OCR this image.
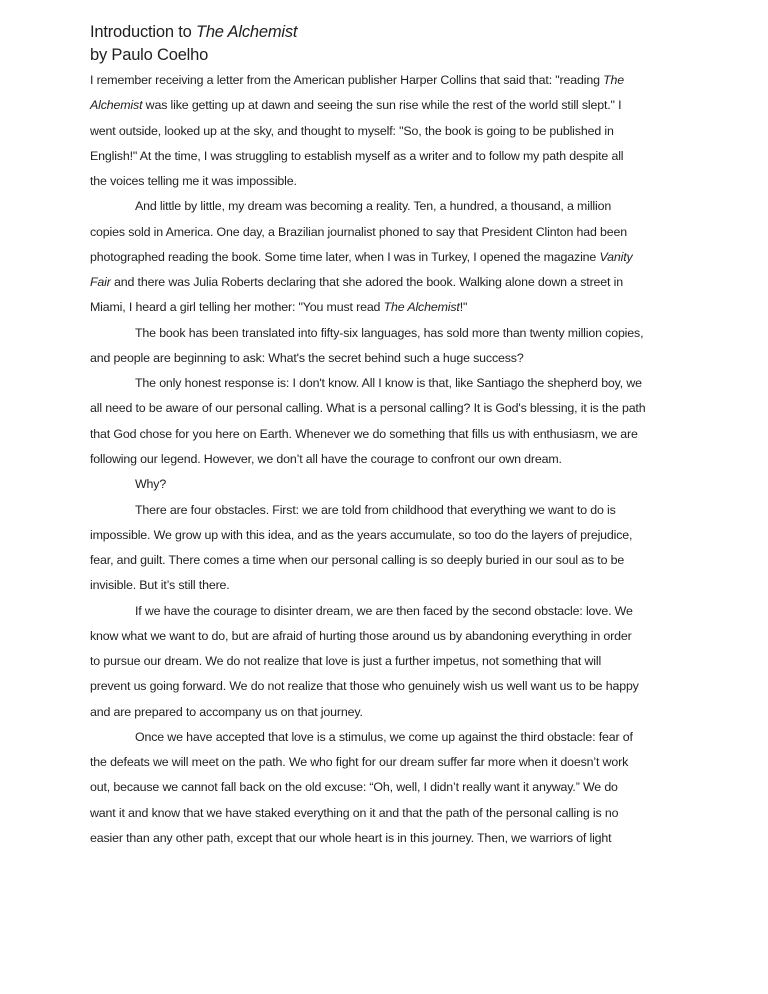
Introduction to The Alchemist
by Paulo Coelho
I remember receiving a letter from the American publisher Harper Collins that said that: "reading The
Alchemist was like getting up at dawn and seeing the sun rise while the rest of the world still slept." I
went outside, looked up at the sky, and thought to myself: "So, the book is going to be published in
English!" At the time, I was struggling to establish myself as a writer and to follow my path despite all
the voices telling me it was impossible.
And little by little, my dream was becoming a reality. Ten, a hundred, a thousand, a million
copies sold in America. One day, a Brazilian journalist phoned to say that President Clinton had been
photographed reading the book. Some time later, when I was in Turkey, I opened the magazine Vanity
Fair and there was Julia Roberts declaring that she adored the book. Walking alone down a street in
Miami, I heard a girl telling her mother: "You must read The Alchemist!"
The book has been translated into fifty-six languages, has sold more than twenty million copies,
and people are beginning to ask: What's the secret behind such a huge success?
The only honest response is: I don't know. All I know is that, like Santiago the shepherd boy, we
all need to be aware of our personal calling. What is a personal calling? It is God's blessing, it is the path
that God chose for you here on Earth. Whenever we do something that fills us with enthusiasm, we are
following our legend. However, we don’t all have the courage to confront our own dream.
Why?
There are four obstacles. First: we are told from childhood that everything we want to do is
impossible. We grow up with this idea, and as the years accumulate, so too do the layers of prejudice,
fear, and guilt. There comes a time when our personal calling is so deeply buried in our soul as to be
invisible. But it’s still there.
If we have the courage to disinter dream, we are then faced by the second obstacle: love. We
know what we want to do, but are afraid of hurting those around us by abandoning everything in order
to pursue our dream. We do not realize that love is just a further impetus, not something that will
prevent us going forward. We do not realize that those who genuinely wish us well want us to be happy
and are prepared to accompany us on that journey.
Once we have accepted that love is a stimulus, we come up against the third obstacle: fear of
the defeats we will meet on the path. We who fight for our dream suffer far more when it doesn’t work
out, because we cannot fall back on the old excuse: “Oh, well, I didn’t really want it anyway.” We do
want it and know that we have staked everything on it and that the path of the personal calling is no
easier than any other path, except that our whole heart is in this journey. Then, we warriors of light
